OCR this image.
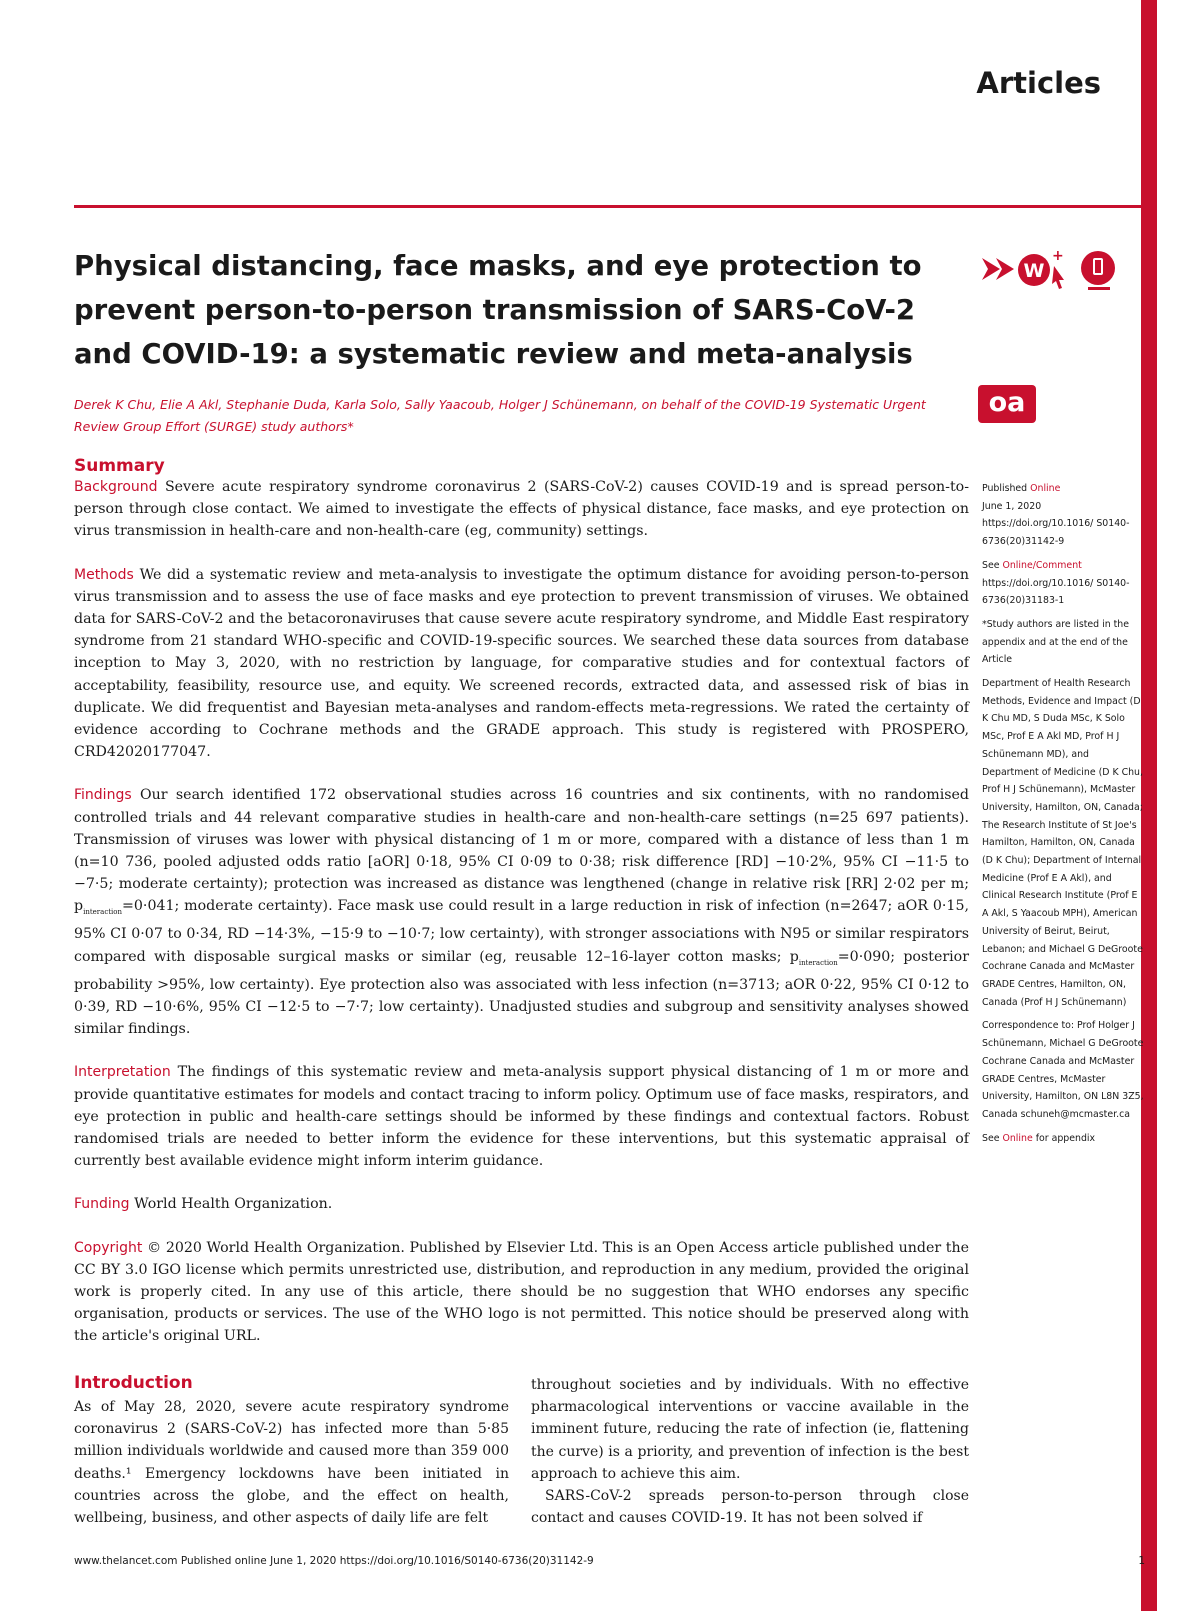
Articles
Physical distancing, face masks, and eye protection to prevent person-to-person transmission of SARS-CoV-2 and COVID-19: a systematic review and meta-analysis
Derek K Chu, Elie A Akl, Stephanie Duda, Karla Solo, Sally Yaacoub, Holger J Schünemann, on behalf of the COVID-19 Systematic Urgent Review Group Effort (SURGE) study authors*
W
+
oa
Summary

Background Severe acute respiratory syndrome coronavirus 2 (SARS-CoV-2) causes COVID-19 and is spread person-to-person through close contact. We aimed to investigate the effects of physical distance, face masks, and eye protection on virus transmission in health-care and non-health-care (eg, community) settings.

Methods We did a systematic review and meta-analysis to investigate the optimum distance for avoiding person-to-person virus transmission and to assess the use of face masks and eye protection to prevent transmission of viruses. We obtained data for SARS-CoV-2 and the betacoronaviruses that cause severe acute respiratory syndrome, and Middle East respiratory syndrome from 21 standard WHO-specific and COVID-19-specific sources. We searched these data sources from database inception to May 3, 2020, with no restriction by language, for comparative studies and for contextual factors of acceptability, feasibility, resource use, and equity. We screened records, extracted data, and assessed risk of bias in duplicate. We did frequentist and Bayesian meta-analyses and random-effects meta-regressions. We rated the certainty of evidence according to Cochrane methods and the GRADE approach. This study is registered with PROSPERO, CRD42020177047.

Findings Our search identified 172 observational studies across 16 countries and six continents, with no randomised controlled trials and 44 relevant comparative studies in health-care and non-health-care settings (n=25 697 patients). Transmission of viruses was lower with physical distancing of 1 m or more, compared with a distance of less than 1 m (n=10 736, pooled adjusted odds ratio [aOR] 0·18, 95% CI 0·09 to 0·38; risk difference [RD] −10·2%, 95% CI −11·5 to −7·5; moderate certainty); protection was increased as distance was lengthened (change in relative risk [RR] 2·02 per m; $p_{interaction}=0\cdot 041$; moderate certainty). Face mask use could result in a large reduction in risk of infection (n=2647; aOR 0·15, 95% CI 0·07 to 0·34, RD −14·3%, −15·9 to −10·7; low certainty), with stronger associations with N95 or similar respirators compared with disposable surgical masks or similar (eg, reusable 12–16-layer cotton masks; $p_{interaction}=0\cdot 090$; posterior probability >95%, low certainty). Eye protection also was associated with less infection (n=3713; aOR 0·22, 95% CI 0·12 to 0·39, RD −10·6%, 95% CI −12·5 to −7·7; low certainty). Unadjusted studies and subgroup and sensitivity analyses showed similar findings.

Interpretation The findings of this systematic review and meta-analysis support physical distancing of 1 m or more and provide quantitative estimates for models and contact tracing to inform policy. Optimum use of face masks, respirators, and eye protection in public and health-care settings should be informed by these findings and contextual factors. Robust randomised trials are needed to better inform the evidence for these interventions, but this systematic appraisal of currently best available evidence might inform interim guidance.

Funding World Health Organization.

Copyright © 2020 World Health Organization. Published by Elsevier Ltd. This is an Open Access article published under the CC BY 3.0 IGO license which permits unrestricted use, distribution, and reproduction in any medium, provided the original work is properly cited. In any use of this article, there should be no suggestion that WHO endorses any specific organisation, products or services. The use of the WHO logo is not permitted. This notice should be preserved along with the article's original URL.

Published Online
June 1, 2020
https://doi.org/10.1016/ S0140-6736(20)31142-9
See Online/Comment
https://doi.org/10.1016/ S0140-6736(20)31183-1
*Study authors are listed in the appendix and at the end of the Article
Department of Health Research Methods, Evidence and Impact (D K Chu MD, S Duda MSc, K Solo MSc, Prof E A Akl MD, Prof H J Schünemann MD), and Department of Medicine (D K Chu, Prof H J Schünemann), McMaster University, Hamilton, ON, Canada; The Research Institute of St Joe's Hamilton, Hamilton, ON, Canada (D K Chu); Department of Internal Medicine (Prof E A Akl), and Clinical Research Institute (Prof E A Akl, S Yaacoub MPH), American University of Beirut, Beirut, Lebanon; and Michael G DeGroote Cochrane Canada and McMaster GRADE Centres, Hamilton, ON, Canada (Prof H J Schünemann)
Correspondence to: Prof Holger J Schünemann, Michael G DeGroote Cochrane Canada and McMaster GRADE Centres, McMaster University, Hamilton, ON L8N 3Z5, Canada schuneh@mcmaster.ca
See Online for appendix
Introduction
As of May 28, 2020, severe acute respiratory syndrome coronavirus 2 (SARS-CoV-2) has infected more than 5·85 million individuals worldwide and caused more than 359 000 deaths.¹ Emergency lockdowns have been initiated in countries across the globe, and the effect on health, wellbeing, business, and other aspects of daily life are felt

throughout societies and by individuals. With no effective pharmacological interventions or vaccine available in the imminent future, reducing the rate of infection (ie, flattening the curve) is a priority, and prevention of infection is the best approach to achieve this aim.

SARS-CoV-2 spreads person-to-person through close contact and causes COVID-19. It has not been solved if

www.thelancet.com Published online June 1, 2020 https://doi.org/10.1016/S0140-6736(20)31142-9	1
